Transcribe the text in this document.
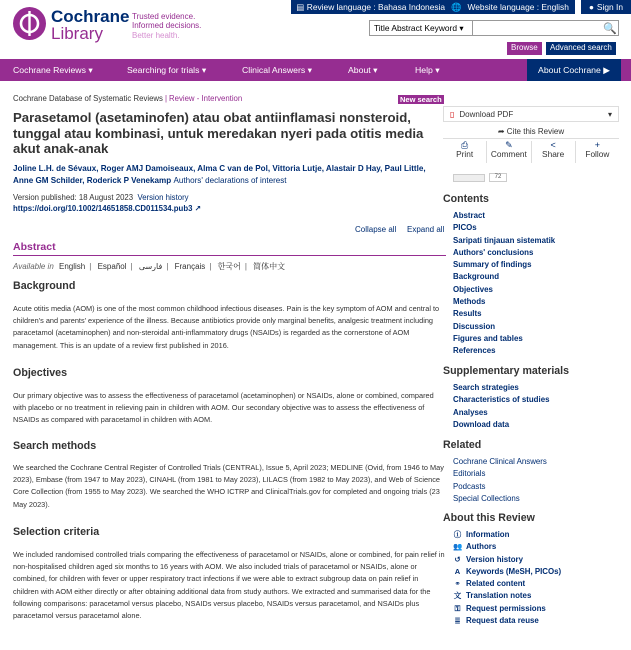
▤ Review language : Bahasa Indonesia 🌐 Website language : English ● Sign In
Cochrane
Library
Trusted evidence.
Informed decisions.
Better health.
Title Abstract Keyword ▾	🔍
Browse	Advanced search
Cochrane Reviews ▾	Searching for trials ▾	Clinical Answers ▾	About ▾	Help ▾	About Cochrane
▶
Cochrane Database of Systematic Reviews | Review - Intervention	New search
Parasetamol (asetaminofen) atau obat antiinflamasi nonsteroid, tunggal atau kombinasi, untuk meredakan nyeri pada otitis media akut anak-anak
Joline L.H. de Sévaux, Roger AMJ Damoiseaux, Alma C van de Pol, Vittoria Lutje, Alastair D Hay, Paul Little, Anne GM Schilder, Roderick P Venekamp Authors' declarations of interest
Version published: 18 August 2023 Version history
https://doi.org/10.1002/14651858.CD011534.pub3 ↗
Collapse all Expand all
Abstract
Available in English | Español | فارسی | Français | 한국어 | 简体中文
Background

Acute otitis media (AOM) is one of the most common childhood infectious diseases. Pain is the key symptom of AOM and central to children's and parents' experience of the illness. Because antibiotics provide only marginal benefits, analgesic treatment including paracetamol (acetaminophen) and non-steroidal anti-inflammatory drugs (NSAIDs) is regarded as the cornerstone of AOM management. This is an update of a review first published in 2016.

Objectives

Our primary objective was to assess the effectiveness of paracetamol (acetaminophen) or NSAIDs, alone or combined, compared with placebo or no treatment in relieving pain in children with AOM. Our secondary objective was to assess the effectiveness of NSAIDs as compared with paracetamol in children with AOM.

Search methods

We searched the Cochrane Central Register of Controlled Trials (CENTRAL), Issue 5, April 2023; MEDLINE (Ovid, from 1946 to May 2023), Embase (from 1947 to May 2023), CINAHL (from 1981 to May 2023), LILACS (from 1982 to May 2023), and Web of Science Core Collection (from 1955 to May 2023). We searched the WHO ICTRP and ClinicalTrials.gov for completed and ongoing trials (23 May 2023).

Selection criteria

We included randomised controlled trials comparing the effectiveness of paracetamol or NSAIDs, alone or combined, for pain relief in non-hospitalised children aged six months to 16 years with AOM. We also included trials of paracetamol or NSAIDs, alone or combined, for children with fever or upper respiratory tract infections if we were able to extract subgroup data on pain relief in children with AOM either directly or after obtaining additional data from study authors. We extracted and summarised data for the following comparisons: paracetamol versus placebo, NSAIDs versus placebo, NSAIDs versus paracetamol, and NSAIDs plus paracetamol versus paracetamol alone.

▯ Download PDF	▾
➦ Cite this Review
⎙
Print
✎
Comment
<
Share
+
Follow
72
Contents
Abstract
PICOs
Saripati tinjauan sistematik
Authors' conclusions
Summary of findings
Background
Objectives
Methods
Results
Discussion
Figures and tables
References
Supplementary materials
Search strategies
Characteristics of studies
Analyses
Download data
Related
Cochrane Clinical Answers
Editorials
Podcasts
Special Collections
About this Review
ⓘ Information
👥 Authors
↺ Version history
A Keywords (MeSH, PICOs)
⚭ Related content
文 Translation notes
⚿ Request permissions
≣ Request data reuse
